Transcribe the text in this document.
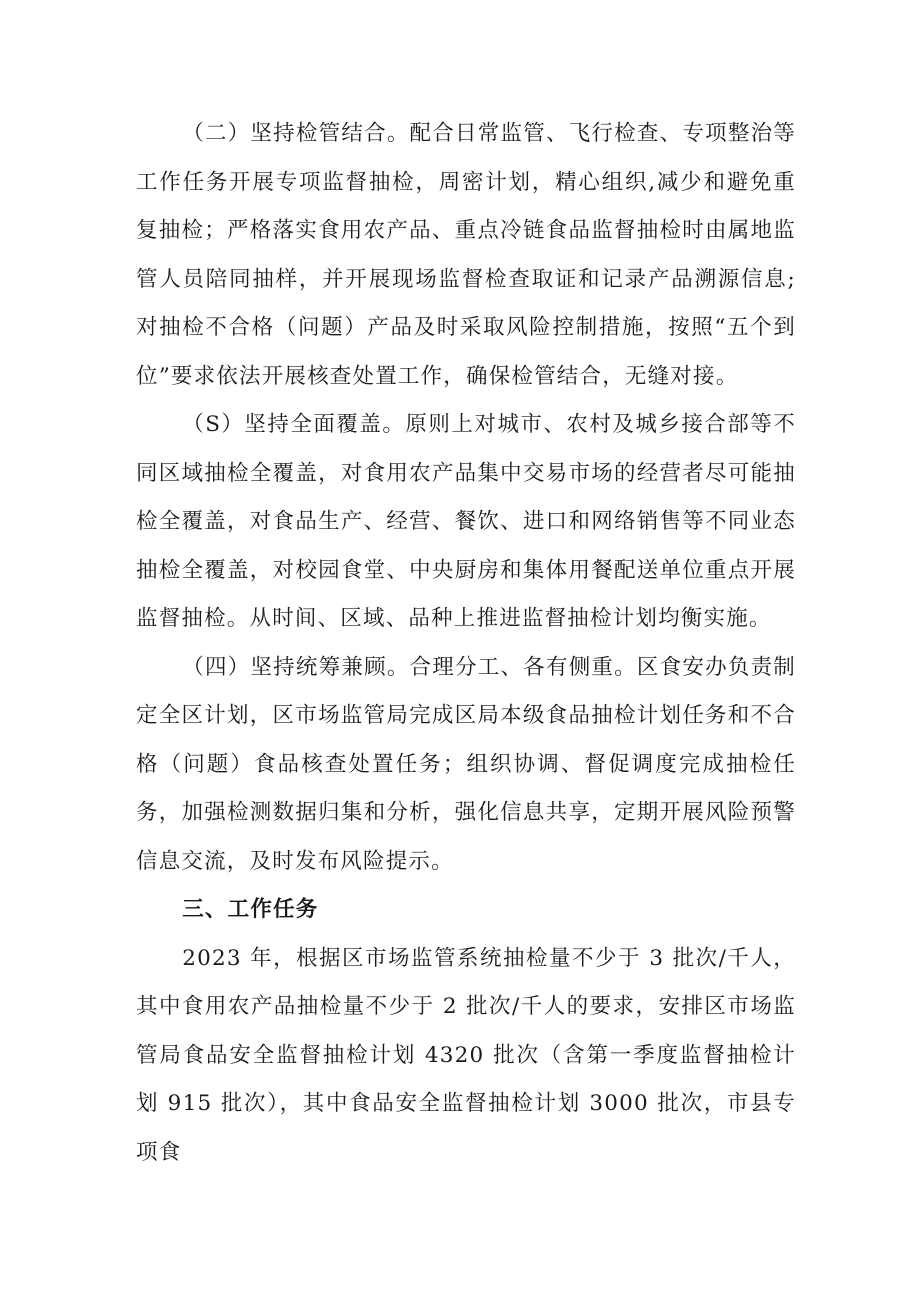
（二）坚持检管结合。配合日常监管、飞行检查、专项整治等工作任务开展专项监督抽检，周密计划，精心组织,减少和避免重复抽检；严格落实食用农产品、重点冷链食品监督抽检时由属地监管人员陪同抽样，并开展现场监督检查取证和记录产品溯源信息;对抽检不合格（问题）产品及时采取风险控制措施，按照“五个到位”要求依法开展核查处置工作，确保检管结合，无缝对接。

（S）坚持全面覆盖。原则上对城市、农村及城乡接合部等不同区域抽检全覆盖，对食用农产品集中交易市场的经营者尽可能抽检全覆盖，对食品生产、经营、餐饮、进口和网络销售等不同业态抽检全覆盖，对校园食堂、中央厨房和集体用餐配送单位重点开展监督抽检。从时间、区域、品种上推进监督抽检计划均衡实施。

（四）坚持统筹兼顾。合理分工、各有侧重。区食安办负责制定全区计划，区市场监管局完成区局本级食品抽检计划任务和不合格（问题）食品核查处置任务；组织协调、督促调度完成抽检任务，加强检测数据归集和分析，强化信息共享，定期开展风险预警信息交流，及时发布风险提示。

三、工作任务

2023 年，根据区市场监管系统抽检量不少于 3 批次/千人，其中食用农产品抽检量不少于 2 批次/千人的要求，安排区市场监管局食品安全监督抽检计划 4320 批次（含第一季度监督抽检计划 915 批次），其中食品安全监督抽检计划 3000 批次，市县专项食
